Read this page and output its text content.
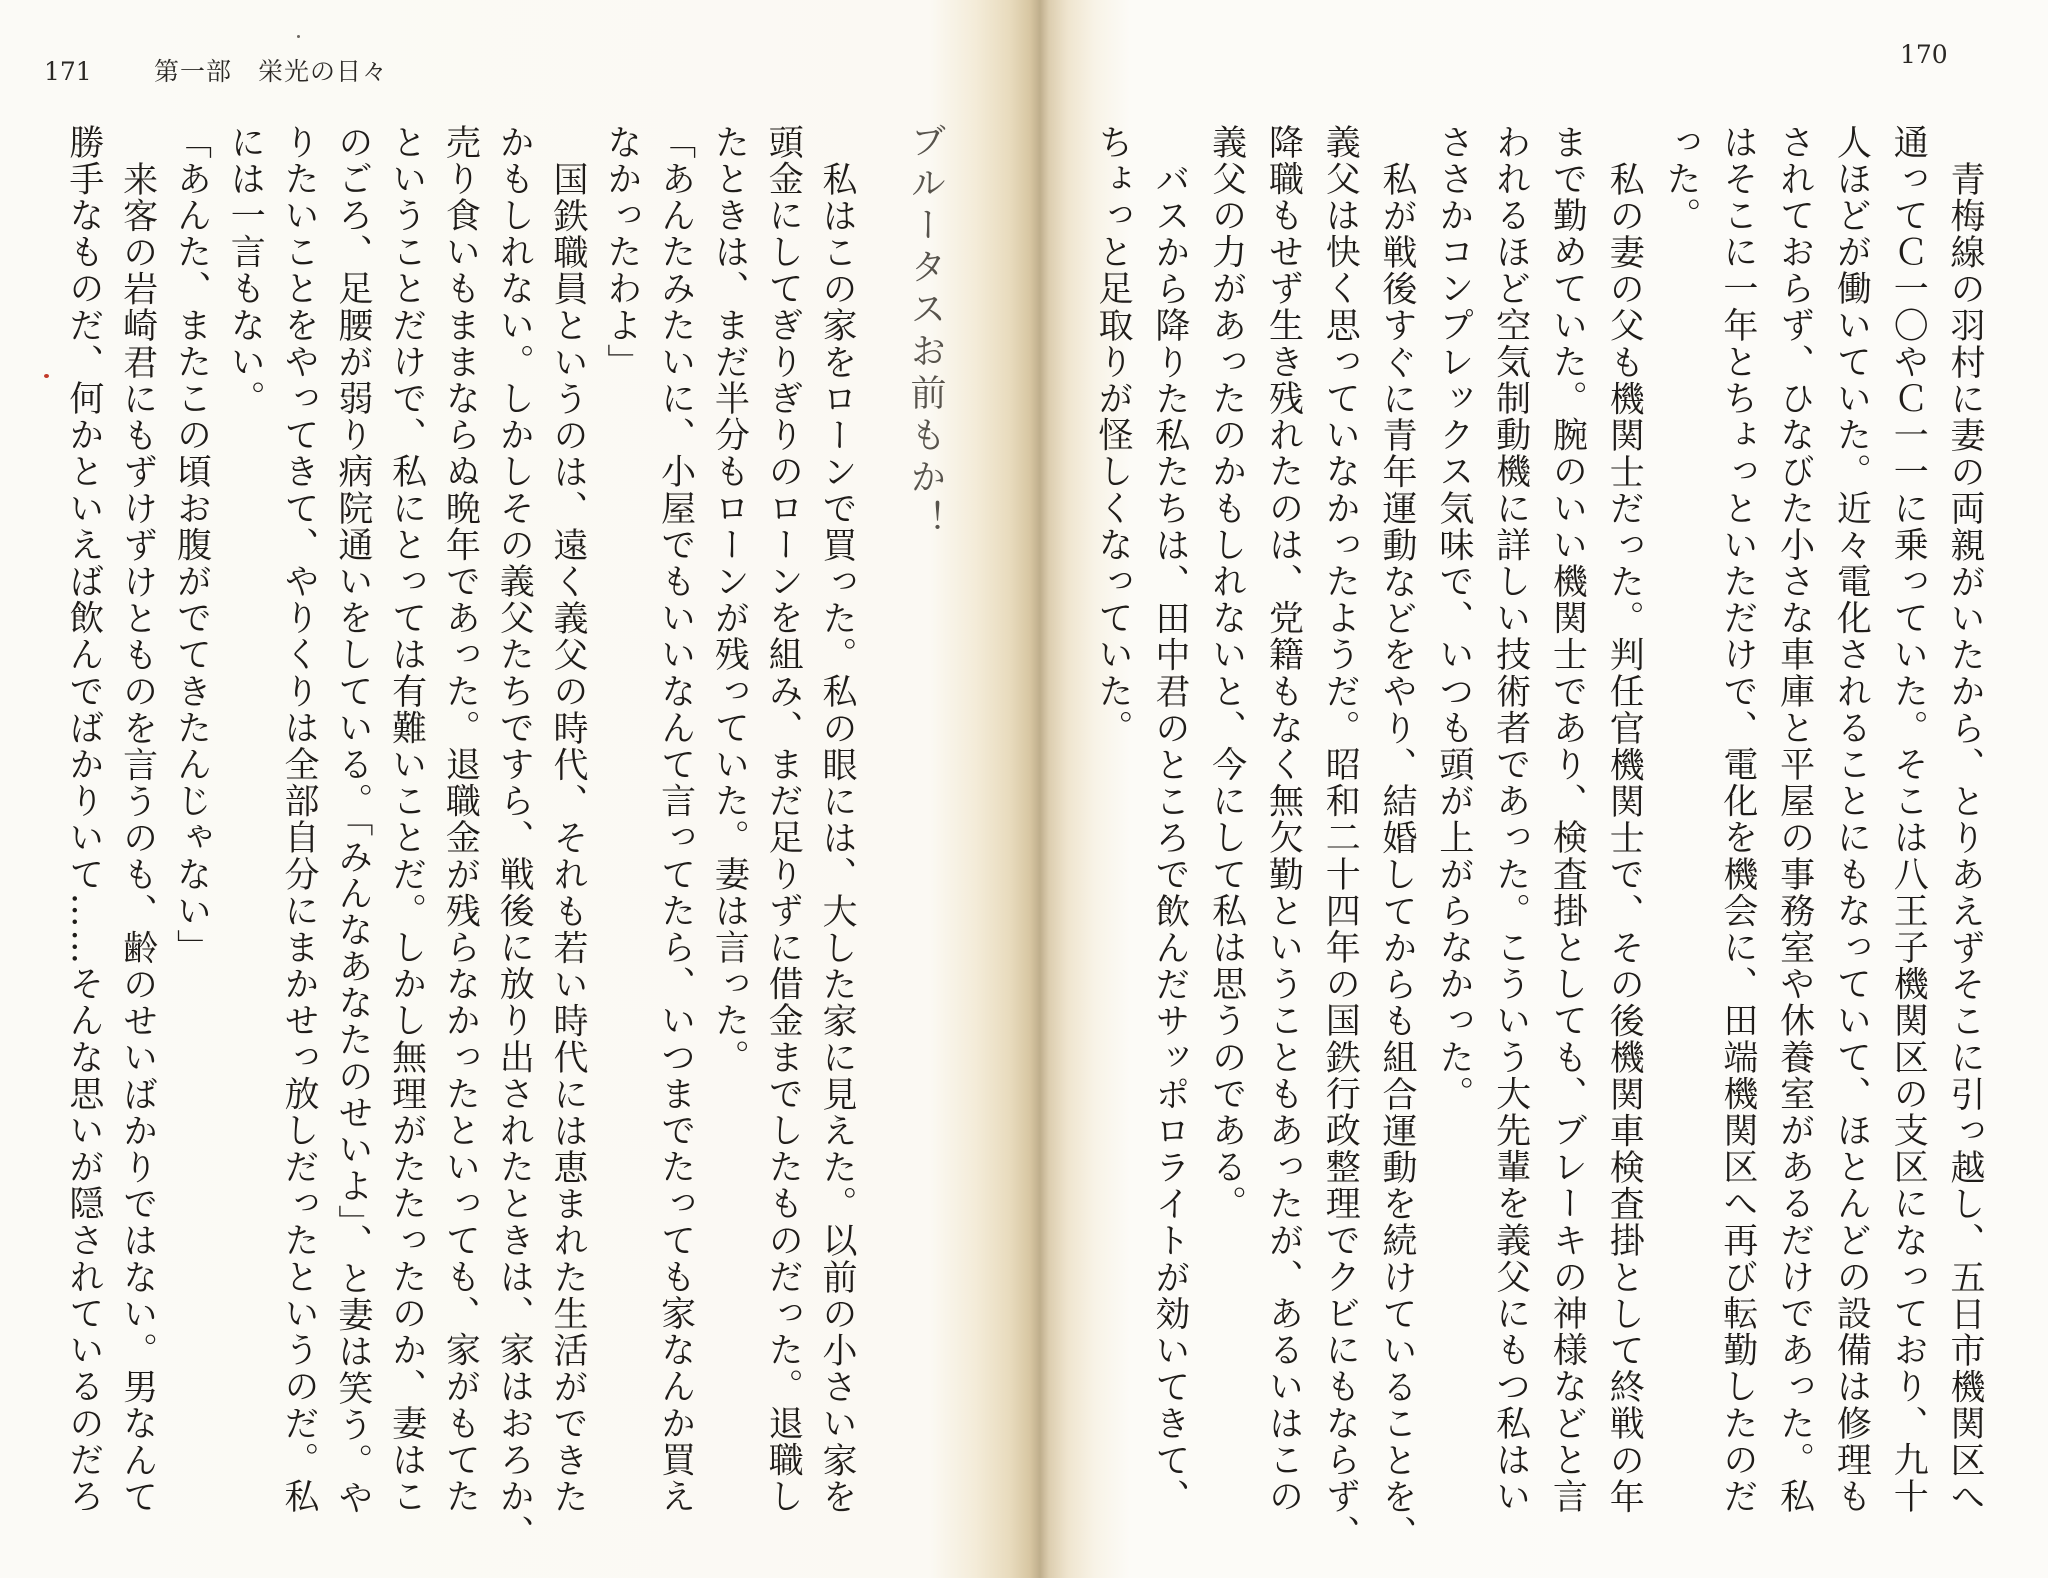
171 第一部　栄光の日々
ブルータスお前もか！
私はこの家をローンで買った。私の眼には、大した家に見えた。以前の小さい家を
頭金にしてぎりぎりのローンを組み、まだ足りずに借金までしたものだった。退職し
たときは、まだ半分もローンが残っていた。妻は言った。
「あんたみたいに、小屋でもいいなんて言ってたら、いつまでたっても家なんか買え
なかったわよ」
国鉄職員というのは、遠く義父の時代、それも若い時代には恵まれた生活ができた
かもしれない。しかしその義父たちですら、戦後に放り出されたときは、家はおろか、
売り食いもままならぬ晩年であった。退職金が残らなかったといっても、家がもてた
ということだけで、私にとっては有難いことだ。しかし無理がたたったのか、妻はこ
のごろ、足腰が弱り病院通いをしている。「みんなあなたのせいよ」、と妻は笑う。や
りたいことをやってきて、やりくりは全部自分にまかせっ放しだったというのだ。私
には一言もない。
「あんた、またこの頃お腹がでてきたんじゃない」
来客の岩崎君にもずけずけとものを言うのも、齢のせいばかりではない。男なんて
勝手なものだ、何かといえば飲んでばかりいて……そんな思いが隠されているのだろ
170
青梅線の羽村に妻の両親がいたから、とりあえずそこに引っ越し、五日市機関区へ
通ってＣ一〇やＣ一一に乗っていた。そこは八王子機関区の支区になっており、九十
人ほどが働いていた。近々電化されることにもなっていて、ほとんどの設備は修理も
されておらず、ひなびた小さな車庫と平屋の事務室や休養室があるだけであった。私
はそこに一年とちょっといただけで、電化を機会に、田端機関区へ再び転勤したのだ
った。
私の妻の父も機関士だった。判任官機関士で、その後機関車検査掛として終戦の年
まで勤めていた。腕のいい機関士であり、検査掛としても、ブレーキの神様などと言
われるほど空気制動機に詳しい技術者であった。こういう大先輩を義父にもつ私はい
ささかコンプレックス気味で、いつも頭が上がらなかった。
私が戦後すぐに青年運動などをやり、結婚してからも組合運動を続けていることを、
義父は快く思っていなかったようだ。昭和二十四年の国鉄行政整理でクビにもならず、
降職もせず生き残れたのは、党籍もなく無欠勤ということもあったが、あるいはこの
義父の力があったのかもしれないと、今にして私は思うのである。
バスから降りた私たちは、田中君のところで飲んだサッポロライトが効いてきて、
ちょっと足取りが怪しくなっていた。
